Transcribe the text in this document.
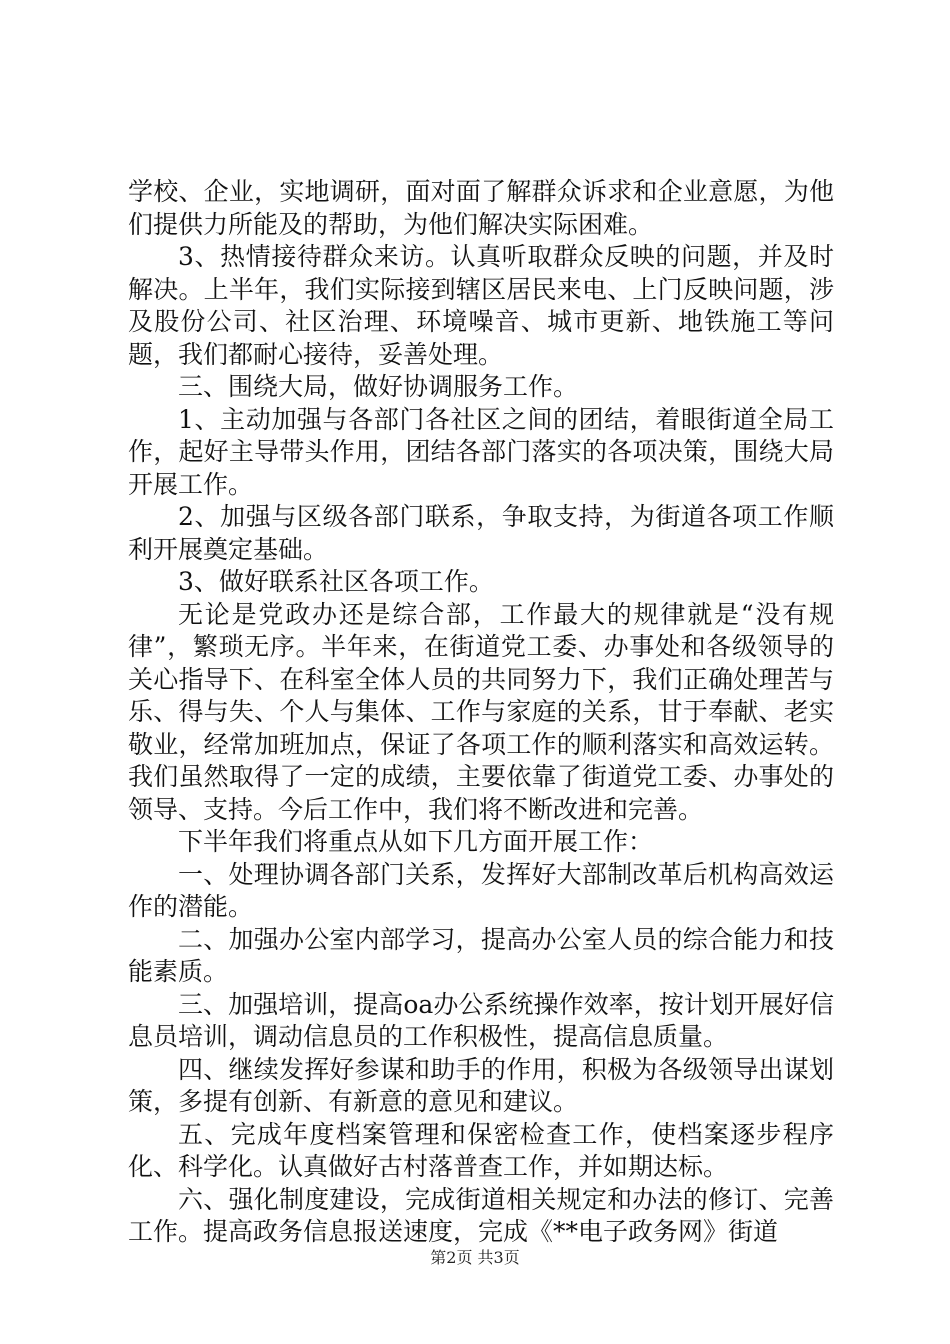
学校、企业，实地调研，面对面了解群众诉求和企业意愿，为他们提供力所能及的帮助，为他们解决实际困难。

3、热情接待群众来访。认真听取群众反映的问题，并及时解决。上半年，我们实际接到辖区居民来电、上门反映问题，涉及股份公司、社区治理、环境噪音、城市更新、地铁施工等问题，我们都耐心接待，妥善处理。

三、围绕大局，做好协调服务工作。

1、主动加强与各部门各社区之间的团结，着眼街道全局工作，起好主导带头作用，团结各部门落实的各项决策，围绕大局开展工作。

2、加强与区级各部门联系，争取支持，为街道各项工作顺利开展奠定基础。

3、做好联系社区各项工作。

无论是党政办还是综合部，工作最大的规律就是“没有规律”，繁琐无序。半年来，在街道党工委、办事处和各级领导的关心指导下、在科室全体人员的共同努力下，我们正确处理苦与乐、得与失、个人与集体、工作与家庭的关系，甘于奉献、老实敬业，经常加班加点，保证了各项工作的顺利落实和高效运转。我们虽然取得了一定的成绩，主要依靠了街道党工委、办事处的领导、支持。今后工作中，我们将不断改进和完善。

下半年我们将重点从如下几方面开展工作：

一、处理协调各部门关系，发挥好大部制改革后机构高效运作的潜能。

二、加强办公室内部学习，提高办公室人员的综合能力和技能素质。

三、加强培训，提高oa办公系统操作效率，按计划开展好信息员培训，调动信息员的工作积极性，提高信息质量。

四、继续发挥好参谋和助手的作用，积极为各级领导出谋划策，多提有创新、有新意的意见和建议。

五、完成年度档案管理和保密检查工作，使档案逐步程序化、科学化。认真做好古村落普查工作，并如期达标。

六、强化制度建设，完成街道相关规定和办法的修订、完善工作。提高政务信息报送速度，完成《**电子政务网》街道

第2页 共3页
